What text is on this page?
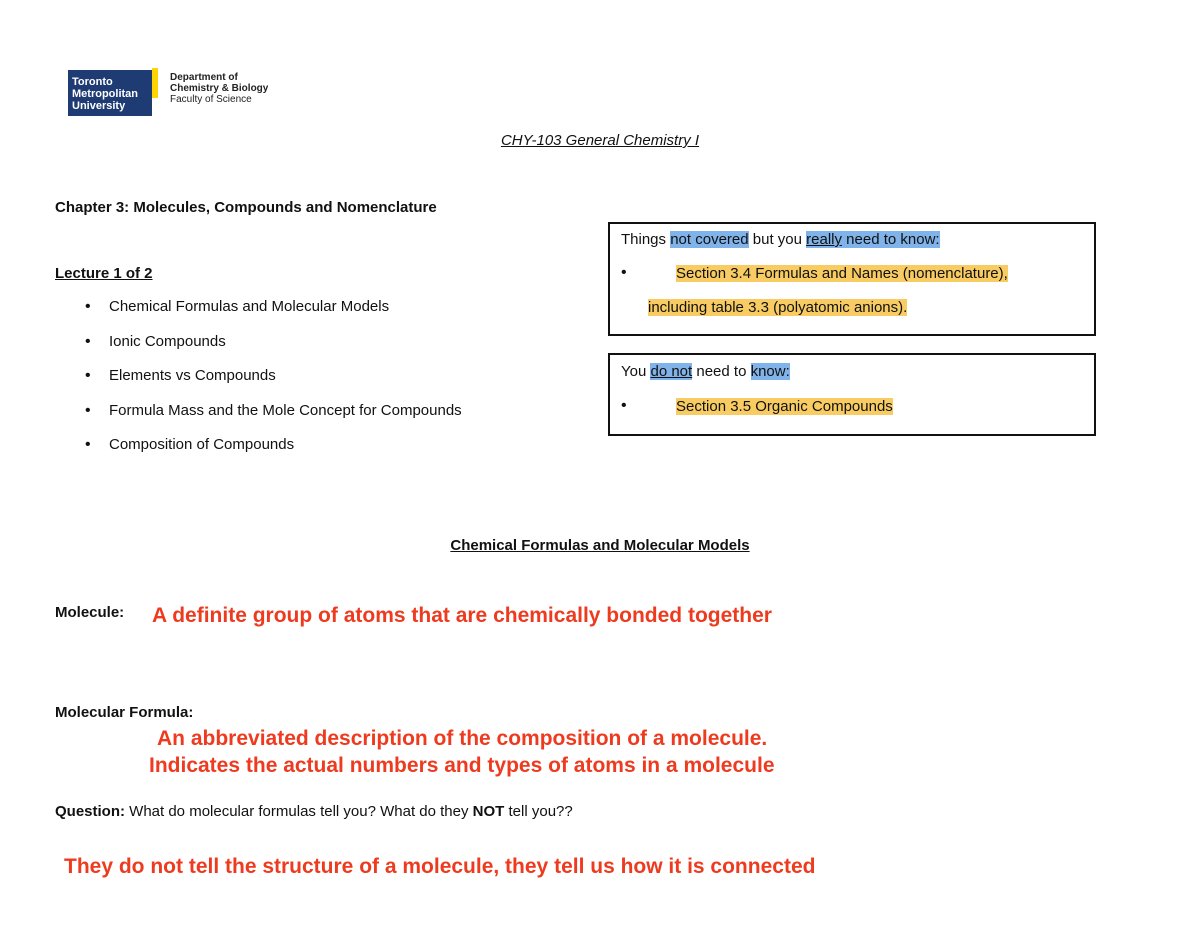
Toronto
Metropolitan
University
Department of
Chemistry & Biology
Faculty of Science
CHY-103 General Chemistry I
Chapter 3: Molecules, Compounds and Nomenclature
Lecture 1 of 2
• Chemical Formulas and Molecular Models
• Ionic Compounds
• Elements vs Compounds
• Formula Mass and the Mole Concept for Compounds
• Composition of Compounds
Things not covered but you really need to know:
•	Section 3.4 Formulas and Names (nomenclature),
including table 3.3 (polyatomic anions).
You do not need to know:
•	Section 3.5 Organic Compounds
Chemical Formulas and Molecular Models
Molecule: A definite group of atoms that are chemically bonded together
Molecular Formula:
An abbreviated description of the composition of a molecule.
Indicates the actual numbers and types of atoms in a molecule
Question: What do molecular formulas tell you? What do they NOT tell you??
They do not tell the structure of a molecule, they tell us how it is connected
